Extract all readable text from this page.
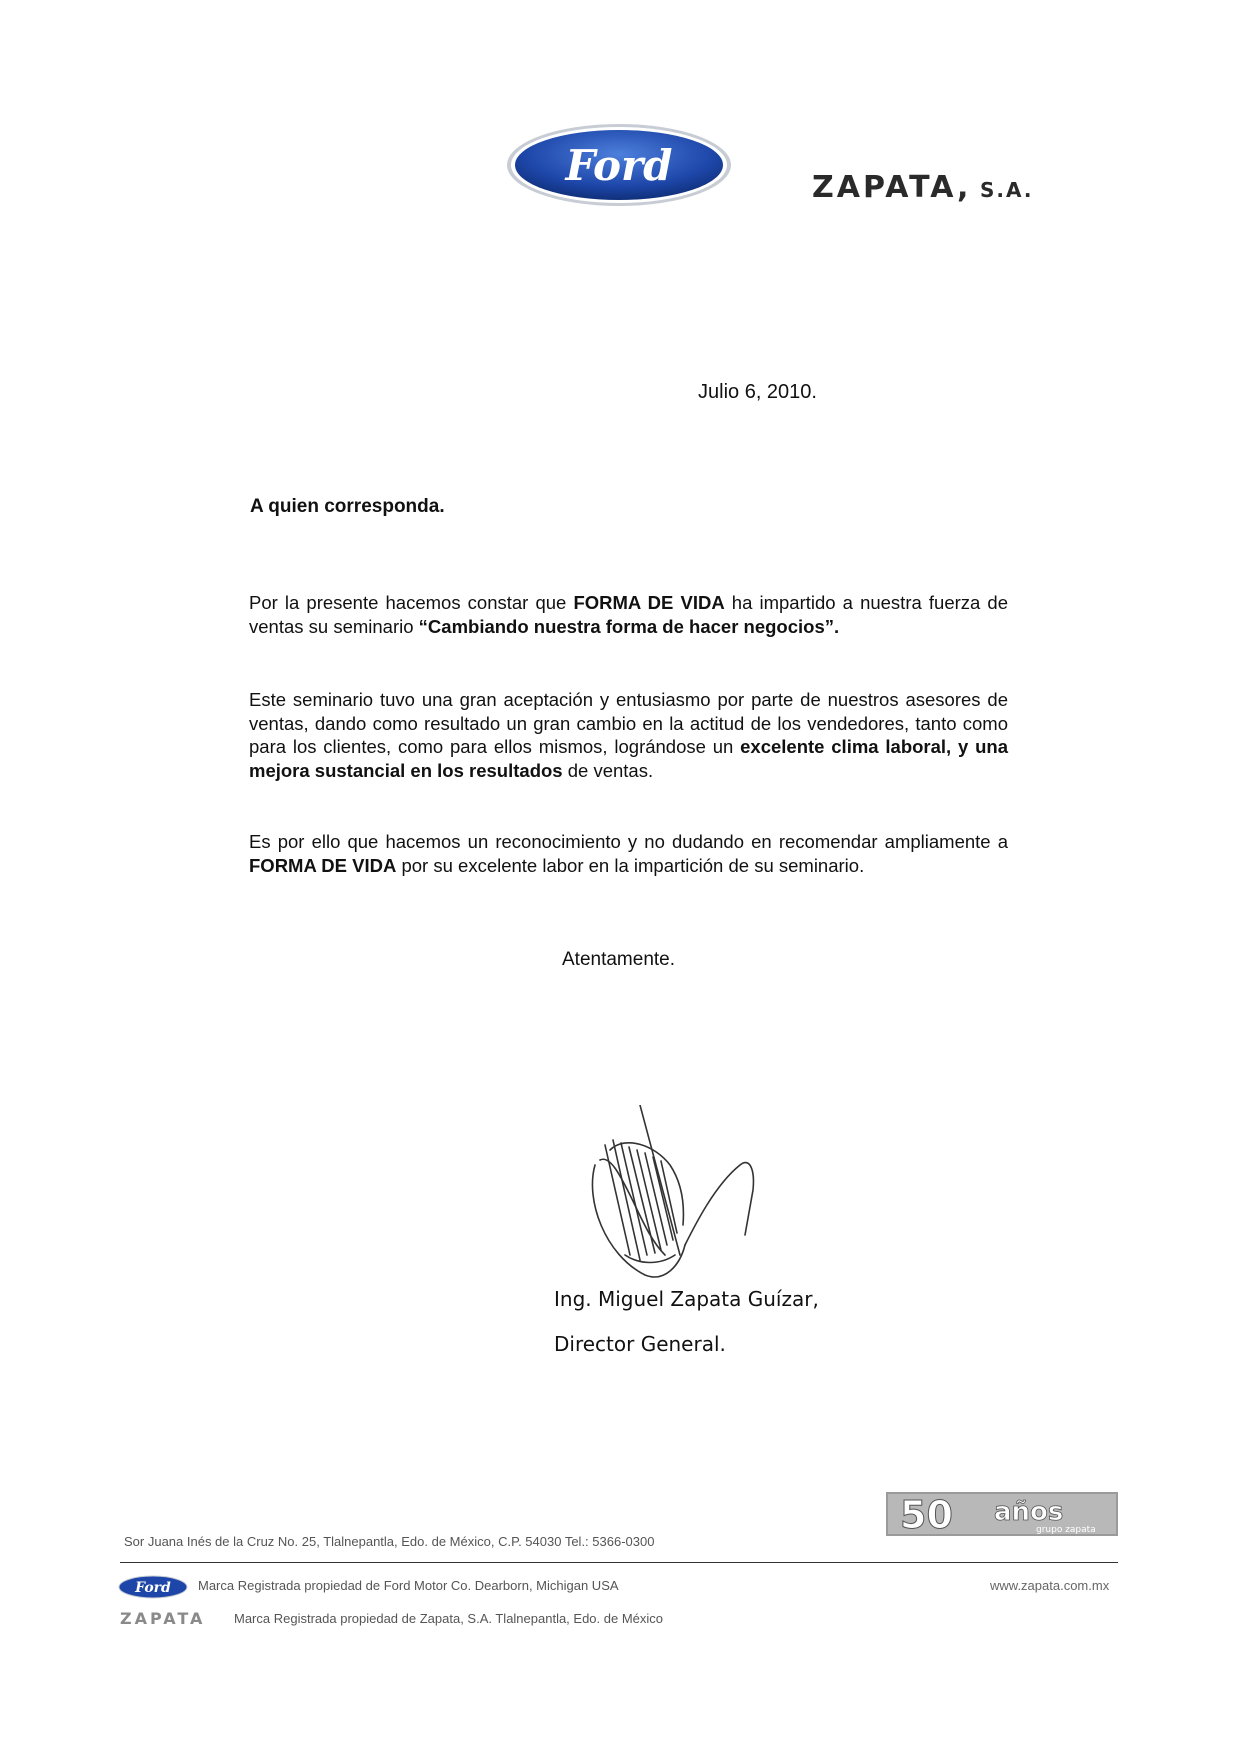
Ford	ZAPATA, S.A.
Julio 6, 2010.
A quien corresponda.
Por la presente hacemos constar que FORMA DE VIDA ha impartido a nuestra fuerza de ventas su seminario “Cambiando nuestra forma de hacer negocios”.
Este seminario tuvo una gran aceptación y entusiasmo por parte de nuestros asesores de ventas, dando como resultado un gran cambio en la actitud de los vendedores, tanto como para los clientes, como para ellos mismos, lográndose un excelente clima laboral, y una mejora sustancial en los resultados de ventas.
Es por ello que hacemos un reconocimiento y no dudando en recomendar ampliamente a FORMA DE VIDA por su excelente labor en la impartición de su seminario.
Atentamente.
Ing. Miguel Zapata Guízar,
Director General.
50 años
grupo zapata
Sor Juana Inés de la Cruz No. 25, Tlalnepantla, Edo. de México, C.P. 54030 Tel.: 5366-0300
Ford Marca Registrada propiedad de Ford Motor Co. Dearborn, Michigan USA	www.zapata.com.mx
ZAPATA Marca Registrada propiedad de Zapata, S.A. Tlalnepantla, Edo. de México
